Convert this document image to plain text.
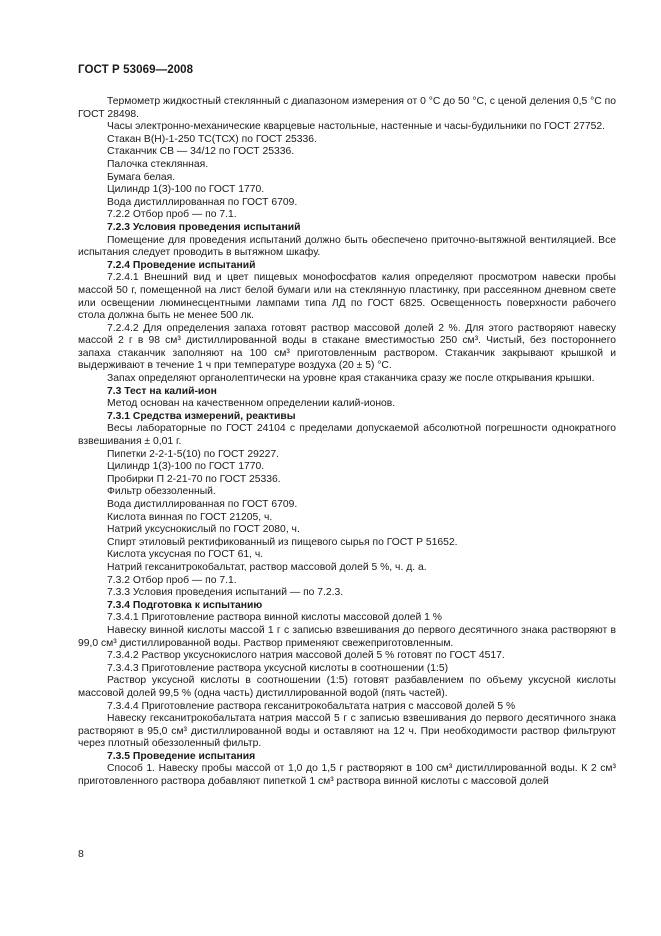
ГОСТ Р 53069—2008

Термометр жидкостный стеклянный с диапазоном измерения от 0 °С до 50 °С, с ценой деления 0,5 °С по ГОСТ 28498.

Часы электронно-механические кварцевые настольные, настенные и часы-будильники по ГОСТ 27752.

Стакан В(Н)-1-250 ТС(ТСХ) по ГОСТ 25336.

Стаканчик СВ — 34/12 по ГОСТ 25336.

Палочка стеклянная.

Бумага белая.

Цилиндр 1(3)-100 по ГОСТ 1770.

Вода дистиллированная по ГОСТ 6709.

7.2.2 Отбор проб — по 7.1.

7.2.3 Условия проведения испытаний

Помещение для проведения испытаний должно быть обеспечено приточно-вытяжной вентиляцией. Все испытания следует проводить в вытяжном шкафу.

7.2.4 Проведение испытаний

7.2.4.1 Внешний вид и цвет пищевых монофосфатов калия определяют просмотром навески пробы массой 50 г, помещенной на лист белой бумаги или на стеклянную пластинку, при рассеянном дневном свете или освещении люминесцентными лампами типа ЛД по ГОСТ 6825. Освещенность поверхности рабочего стола должна быть не менее 500 лк.

7.2.4.2 Для определения запаха готовят раствор массовой долей 2 %. Для этого растворяют навеску массой 2 г в 98 см³ дистиллированной воды в стакане вместимостью 250 см³. Чистый, без постороннего запаха стаканчик заполняют на 100 см³ приготовленным раствором. Стаканчик закрывают крышкой и выдерживают в течение 1 ч при температуре воздуха (20 ± 5) °С.

Запах определяют органолептически на уровне края стаканчика сразу же после открывания крышки.

7.3 Тест на калий-ион

Метод основан на качественном определении калий-ионов.

7.3.1 Средства измерений, реактивы

Весы лабораторные по ГОСТ 24104 с пределами допускаемой абсолютной погрешности однократного взвешивания ± 0,01 г.

Пипетки 2-2-1-5(10) по ГОСТ 29227.

Цилиндр 1(3)-100 по ГОСТ 1770.

Пробирки П 2-21-70 по ГОСТ 25336.

Фильтр обеззоленный.

Вода дистиллированная по ГОСТ 6709.

Кислота винная по ГОСТ 21205, ч.

Натрий уксуснокислый по ГОСТ 2080, ч.

Спирт этиловый ректификованный из пищевого сырья по ГОСТ Р 51652.

Кислота уксусная по ГОСТ 61, ч.

Натрий гексанитрокобальтат, раствор массовой долей 5 %, ч. д. а.

7.3.2 Отбор проб — по 7.1.

7.3.3 Условия проведения испытаний — по 7.2.3.

7.3.4 Подготовка к испытанию

7.3.4.1 Приготовление раствора винной кислоты массовой долей 1 %

Навеску винной кислоты массой 1 г с записью взвешивания до первого десятичного знака растворяют в 99,0 см³ дистиллированной воды. Раствор применяют свежеприготовленным.

7.3.4.2 Раствор уксуснокислого натрия массовой долей 5 % готовят по ГОСТ 4517.

7.3.4.3 Приготовление раствора уксусной кислоты в соотношении (1:5)

Раствор уксусной кислоты в соотношении (1:5) готовят разбавлением по объему уксусной кислоты массовой долей 99,5 % (одна часть) дистиллированной водой (пять частей).

7.3.4.4 Приготовление раствора гексанитрокобальтата натрия с массовой долей 5 %

Навеску гексанитрокобальтата натрия массой 5 г с записью взвешивания до первого десятичного знака растворяют в 95,0 см³ дистиллированной воды и оставляют на 12 ч. При необходимости раствор фильтруют через плотный обеззоленный фильтр.

7.3.5 Проведение испытания

Способ 1. Навеску пробы массой от 1,0 до 1,5 г растворяют в 100 см³ дистиллированной воды. К 2 см³ приготовленного раствора добавляют пипеткой 1 см³ раствора винной кислоты с массовой долей

8
